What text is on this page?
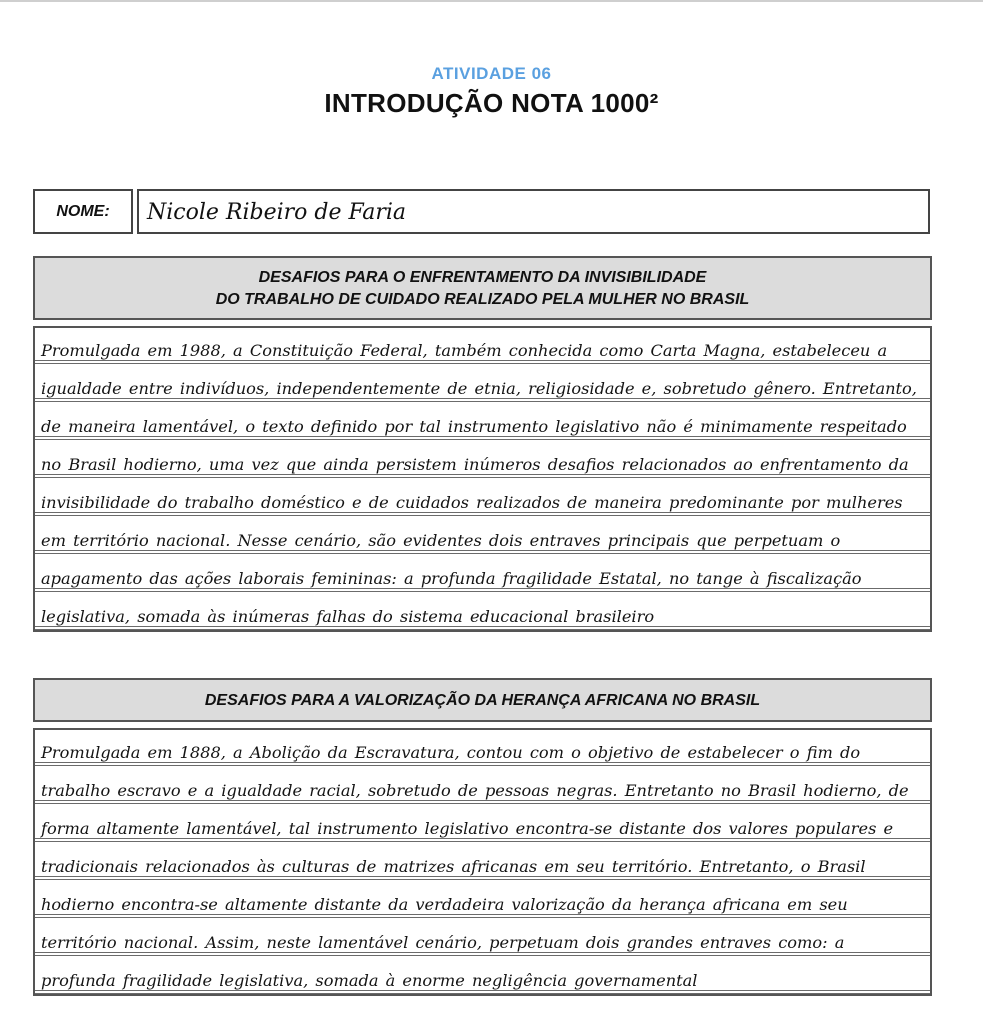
ATIVIDADE 06
INTRODUÇÃO NOTA 1000²
NOME:	Nicole Ribeiro de Faria
DESAFIOS PARA O ENFRENTAMENTO DA INVISIBILIDADE
DO TRABALHO DE CUIDADO REALIZADO PELA MULHER NO BRASIL

Promulgada em 1988, a Constituição Federal, também conhecida como Carta Magna, estabeleceu a igualdade entre indivíduos, independentemente de etnia, religiosidade e, sobretudo gênero. Entretanto, de maneira lamentável, o texto definido por tal instrumento legislativo não é minimamente respeitado no Brasil hodierno, uma vez que ainda persistem inúmeros desafios relacionados ao enfrentamento da invisibilidade do trabalho doméstico e de cuidados realizados de maneira predominante por mulheres em território nacional. Nesse cenário, são evidentes dois entraves principais que perpetuam o apagamento das ações laborais femininas: a profunda fragilidade Estatal, no tange à fiscalização legislativa, somada às inúmeras falhas do sistema educacional brasileiro

DESAFIOS PARA A VALORIZAÇÃO DA HERANÇA AFRICANA NO BRASIL

Promulgada em 1888, a Abolição da Escravatura, contou com o objetivo de estabelecer o fim do trabalho escravo e a igualdade racial, sobretudo de pessoas negras. Entretanto no Brasil hodierno, de forma altamente lamentável, tal instrumento legislativo encontra-se distante dos valores populares e tradicionais relacionados às culturas de matrizes africanas em seu território. Entretanto, o Brasil hodierno encontra-se altamente distante da verdadeira valorização da herança africana em seu território nacional. Assim, neste lamentável cenário, perpetuam dois grandes entraves como: a profunda fragilidade legislativa, somada à enorme negligência governamental
